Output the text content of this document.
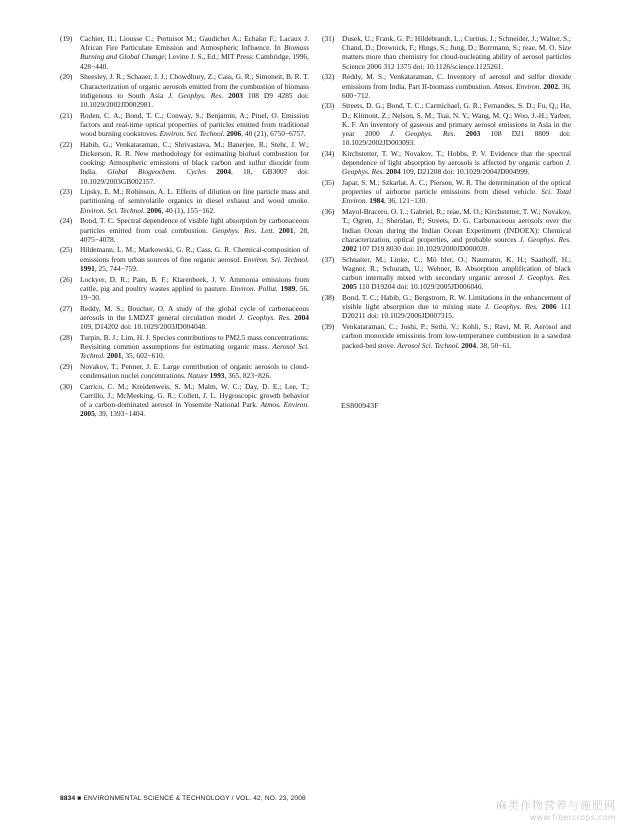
(19) Cachier, H.; Liousse C.; Pertuisot M.; Gaudichet A.; Echalar F.; Lacaux J. African Fire Particulate Emission and Atmospheric Influence. In Biomass Burning and Global Change; Levine J. S., Ed.; MIT Press: Cambridge, 1996, 428−440.

(20) Sheesley, J. R.; Schauer, J. J.; Chowdhury, Z.; Cass, G. R.; Simoneit, B. R. T. Characterization of organic aerosols emitted from the combustion of biomass indigenous to South Asia J. Geophys. Res. 2003 108 D9 4285 doi: 10.1029/2002JD002981.

(21) Roden, C. A.; Bond, T. C.; Conway, S.; Benjamin, A.; Pinel, O. Emission factors and real-time optical properties of particles emitted from traditional wood burning cookstoves. Environ. Sci. Technol. 2006, 40 (21), 6750−6757.

(22) Habib, G.; Venkataraman, C.; Shrivastava, M.; Banerjee, R.; Stehr, J. W.; Dickerson, R. R. New methodology for estimating biofuel combustion for cooking: Atmospheric emissions of black carbon and sulfur dioxide from India. Global Biogeochem. Cycles 2004, 18, GB3007 doi: 10.1029/2003GB002157.

(23) Lipsky, E. M.; Robinson, A. L. Effects of dilution on fine particle mass and partitioning of semivolatile organics in diesel exhaust and wood smoke. Environ. Sci. Technol. 2006, 40 (1), 155−162.

(24) Bond, T. C. Spectral dependence of visible light absorption by carbonaceous particles emitted from coal combustion. Geophys. Res. Lett. 2001, 28, 4075−4078.

(25) Hildemann, L. M.; Markowski, G. R.; Cass, G. R. Chemical-composition of emissions from urban sources of fine organic aerosol. Environ. Sci. Technol. 1991, 25, 744−759.

(26) Lockyer, D. R.; Pain, B. F.; Klarenbeek, J. V. Ammonia emissions from cattle, pig and poultry wastes applied to pasture. Environ. Pollut. 1989, 56, 19−30.

(27) Reddy, M. S.; Boucher, O. A study of the global cycle of carbonaceous aerosols in the LMDZT general circulation model J. Geophys. Res. 2004 109, D14202 doi: 10.1029/2003JD004048.

(28) Turpin, B. J.; Lim, H. J. Species contributions to PM2.5 mass concentrations: Revisiting common assumptions for estimating organic mass. Aerosol Sci. Technol. 2001, 35, 602−610.

(29) Novakov, T.; Penner, J. E. Large contribution of organic aerosols to cloud-condensation nuclei concentrations. Nature 1993, 365, 823−826.

(30) Carrico, C. M.; Kreidenweis, S. M.; Malm, W. C.; Day, D. E.; Lee, T.; Carrillo, J.; McMeeking, G. R.; Collett, J. L. Hygroscopic growth behavior of a carbon-dominated aerosol in Yosemite National Park. Atmos. Environ. 2005, 39, 1393−1404.

(31) Dusek, U.; Frank, G. P.; Hildebrandt, L.; Curtius, J.; Schneider, J.; Walter, S.; Chand, D.; Drewnick, F.; Hings, S.; Jung, D.; Borrmann, S.; reae, M. O. Size matters more than chemistry for cloud-nucleating ability of aerosol particles Science 2006 312 1375 doi: 10.1126/science.1125261.

(32) Reddy, M. S.; Venkataraman, C. Inventory of aerosol and sulfur dioxide emissions from India. Part II-biomass combustion. Atmos. Environ. 2002, 36, 600−712.

(33) Streets, D. G.; Bond, T. C.; Carmichael, G. R.; Fernandes, S. D.; Fu, Q.; He, D.; Klimont, Z.; Nelson, S. M.; Tsai, N. Y.; Wang, M. Q.; Woo, J.-H.; Yarber, K. F. An inventory of gaseous and primary aerosol emissions in Asia in the year 2000 J. Geophys. Res. 2003 108 D21 8809 doi: 10.1029/2002JD003093.

(34) Kirchstetter, T. W.; Novakov, T.; Hobbs, P. V. Evidence that the spectral dependence of light absorption by aerosols is affected by organic carbon J. Geophys. Res. 2004 109, D21208 doi: 10.1029/2004JD004999.

(35) Japar, S. M.; Szkarlat, A. C.; Pierson, W. R. The determination of the optical properties of airborne particle emissions from diesel vehicle. Sci. Total Environ. 1984, 36, 121−130.

(36) Mayol-Bracero, O. L.; Gabriel, R.; reae, M. O.; Kirchstetter, T. W.; Novakov, T.; Ogren, J.; Sheridan, P.; Streets, D. G. Carbonaceous aerosols over the Indian Ocean during the Indian Ocean Experiment (INDOEX): Chemical characterization, optical properties, and probable sources J. Geophys. Res. 2002 107 D19 8030 doi: 10.1029/2000JD000039.

(37) Schnaiter, M.; Linke, C.; Mö hler, O.; Naumann, K. H.; Saathoff, H.; Wagner, R.; Schurath, U.; Wehner, B. Absorption amplification of black carbon internally mixed with secondary organic aerosol J. Geophys. Res. 2005 110 D19204 doi: 10.1029/2005JD006046.

(38) Bond, T. C.; Habib, G.; Bergstrom, R. W. Limitations in the enhancement of visible light absorption due to mixing state J. Geophys. Res. 2006 111 D20211 doi: 10.1029/2006JD007315.

(39) Venkataraman, C.; Joshi, P.; Sethi, V.; Kohli, S.; Ravi, M. R. Aerosol and carbon monoxide emissions from low-temperature combustion in a sawdust packed-bed stove. Aerosol Sci. Technol. 2004, 38, 50−61.

ES800943F
8834 ■ ENVIRONMENTAL SCIENCE & TECHNOLOGY / VOL. 42, NO. 23, 2008
麻类作物营养与施肥网
www.fibercrops.com
